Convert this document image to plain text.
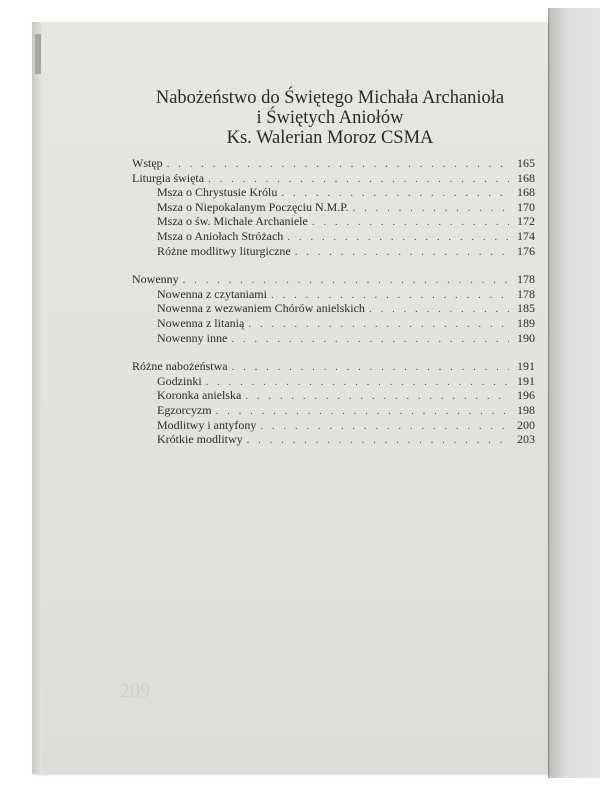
Nabożeństwo do Świętego Michała Archanioła
i Świętych Aniołów
Ks. Walerian Moroz CSMA
Wstęp . . .	165
Liturgia święta . . .	168
Msza o Chrystusie Królu . . .	168
Msza o Niepokalanym Poczęciu N.M.P. . . .	170
Msza o św. Michale Archaniele . . .	172
Msza o Aniołach Stróżach . . .	174
Różne modlitwy liturgiczne . . .	176
Nowenny . . .	178
Nowenna z czytaniami . . .	178
Nowenna z wezwaniem Chórów anielskich . . .	185
Nowenna z litanią . . .	189
Nowenny inne . . .	190
Różne nabożeństwa . . .	191
Godzinki . . .	191
Koronka anielska . . .	196
Egzorcyzm . . .	198
Modlitwy i antyfony . . .	200
Krótkie modlitwy . . .	203
209
